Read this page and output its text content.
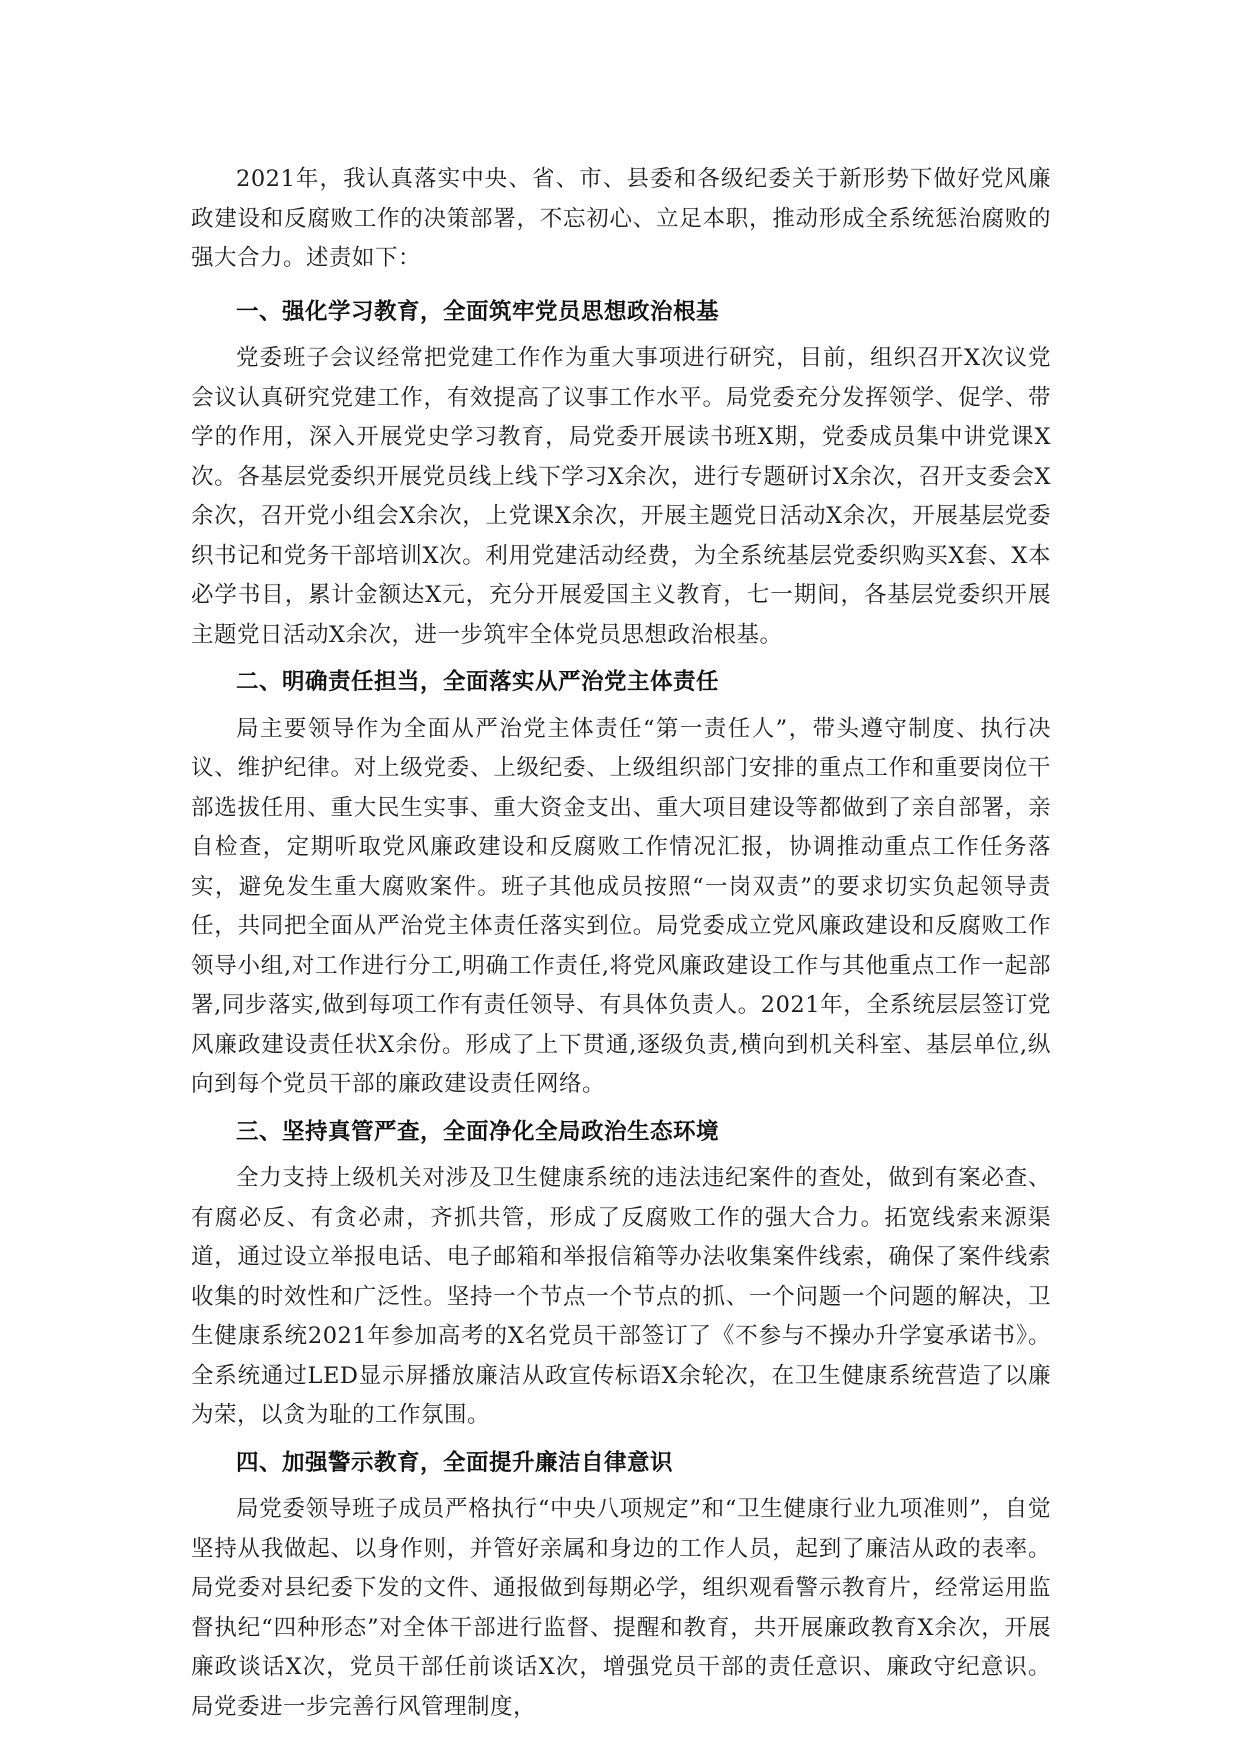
2021年，我认真落实中央、省、市、县委和各级纪委关于新形势下做好党风廉政建设和反腐败工作的决策部署，不忘初心、立足本职，推动形成全系统惩治腐败的强大合力。述责如下：

一、强化学习教育，全面筑牢党员思想政治根基

党委班子会议经常把党建工作作为重大事项进行研究，目前，组织召开X次议党会议认真研究党建工作，有效提高了议事工作水平。局党委充分发挥领学、促学、带学的作用，深入开展党史学习教育，局党委开展读书班X期，党委成员集中讲党课X次。各基层党委织开展党员线上线下学习X余次，进行专题研讨X余次，召开支委会X余次，召开党小组会X余次，上党课X余次，开展主题党日活动X余次，开展基层党委织书记和党务干部培训X次。利用党建活动经费，为全系统基层党委织购买X套、X本必学书目，累计金额达X元，充分开展爱国主义教育，七一期间，各基层党委织开展主题党日活动X余次，进一步筑牢全体党员思想政治根基。

二、明确责任担当，全面落实从严治党主体责任

局主要领导作为全面从严治党主体责任“第一责任人”，带头遵守制度、执行决议、维护纪律。对上级党委、上级纪委、上级组织部门安排的重点工作和重要岗位干部选拔任用、重大民生实事、重大资金支出、重大项目建设等都做到了亲自部署，亲自检查，定期听取党风廉政建设和反腐败工作情况汇报，协调推动重点工作任务落实，避免发生重大腐败案件。班子其他成员按照“一岗双责”的要求切实负起领导责任，共同把全面从严治党主体责任落实到位。局党委成立党风廉政建设和反腐败工作领导小组,对工作进行分工,明确工作责任,将党风廉政建设工作与其他重点工作一起部署,同步落实,做到每项工作有责任领导、有具体负责人。2021年，全系统层层签订党风廉政建设责任状X余份。形成了上下贯通,逐级负责,横向到机关科室、基层单位,纵向到每个党员干部的廉政建设责任网络。

三、坚持真管严查，全面净化全局政治生态环境

全力支持上级机关对涉及卫生健康系统的违法违纪案件的查处，做到有案必查、有腐必反、有贪必肃，齐抓共管，形成了反腐败工作的强大合力。拓宽线索来源渠道，通过设立举报电话、电子邮箱和举报信箱等办法收集案件线索，确保了案件线索收集的时效性和广泛性。坚持一个节点一个节点的抓、一个问题一个问题的解决，卫生健康系统2021年参加高考的X名党员干部签订了《不参与不操办升学宴承诺书》。全系统通过LED显示屏播放廉洁从政宣传标语X余轮次，在卫生健康系统营造了以廉为荣，以贪为耻的工作氛围。

四、加强警示教育，全面提升廉洁自律意识

局党委领导班子成员严格执行“中央八项规定”和“卫生健康行业九项准则”，自觉坚持从我做起、以身作则，并管好亲属和身边的工作人员，起到了廉洁从政的表率。局党委对县纪委下发的文件、通报做到每期必学，组织观看警示教育片，经常运用监督执纪“四种形态”对全体干部进行监督、提醒和教育，共开展廉政教育X余次，开展廉政谈话X次，党员干部任前谈话X次，增强党员干部的责任意识、廉政守纪意识。局党委进一步完善行风管理制度，
